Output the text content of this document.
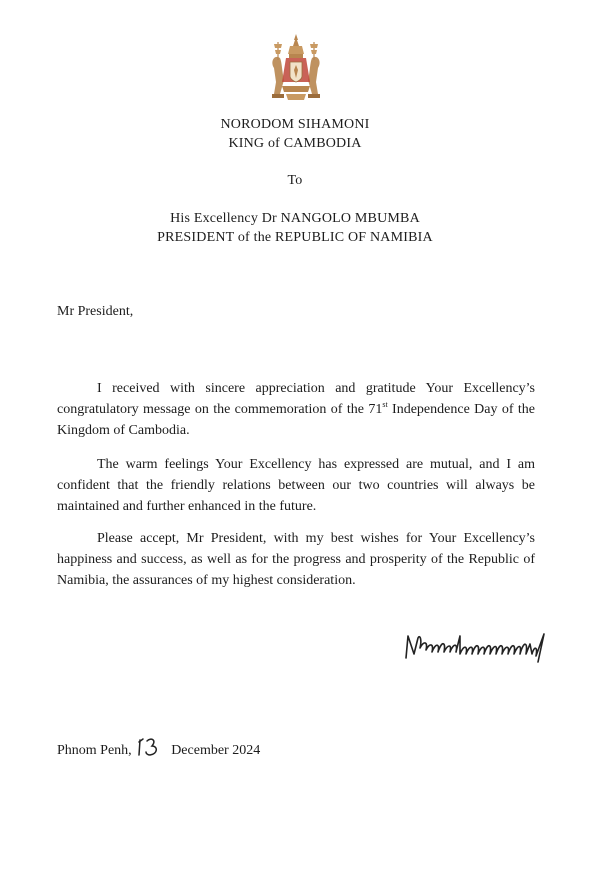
NORODOM SIHAMONI
KING of CAMBODIA
To
His Excellency Dr NANGOLO MBUMBA
PRESIDENT of the REPUBLIC OF NAMIBIA
Mr President,

I received with sincere appreciation and gratitude Your Excellency’s congratulatory message on the commemoration of the 71st Independence Day of the Kingdom of Cambodia.

The warm feelings Your Excellency has expressed are mutual, and I am confident that the friendly relations between our two countries will always be maintained and further enhanced in the future.

Please accept, Mr President, with my best wishes for Your Excellency’s happiness and success, as well as for the progress and prosperity of the Republic of Namibia, the assurances of my highest consideration.

Phnom Penh,	December 2024
